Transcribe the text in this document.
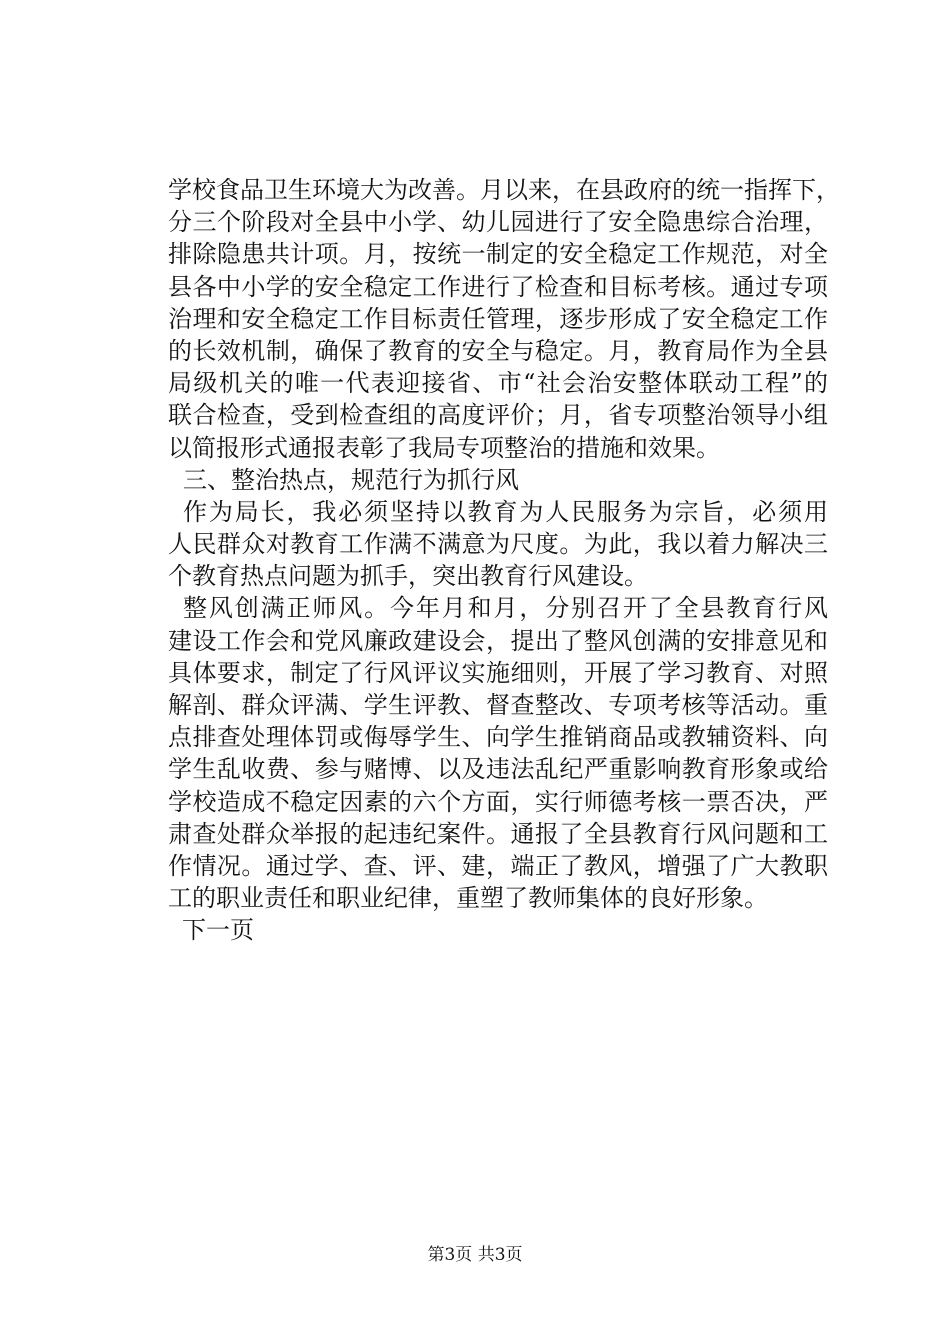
学校食品卫生环境大为改善。月以来，在县政府的统一指挥下，
分三个阶段对全县中小学、幼儿园进行了安全隐患综合治理，
排除隐患共计项。月，按统一制定的安全稳定工作规范，对全
县各中小学的安全稳定工作进行了检查和目标考核。通过专项
治理和安全稳定工作目标责任管理，逐步形成了安全稳定工作
的长效机制，确保了教育的安全与稳定。月，教育局作为全县
局级机关的唯一代表迎接省、市“社会治安整体联动工程”的
联合检查，受到检查组的高度评价；月，省专项整治领导小组
以简报形式通报表彰了我局专项整治的措施和效果。
三、整治热点，规范行为抓行风
作为局长，我必须坚持以教育为人民服务为宗旨，必须用
人民群众对教育工作满不满意为尺度。为此，我以着力解决三
个教育热点问题为抓手，突出教育行风建设。
整风创满正师风。今年月和月，分别召开了全县教育行风
建设工作会和党风廉政建设会，提出了整风创满的安排意见和
具体要求，制定了行风评议实施细则，开展了学习教育、对照
解剖、群众评满、学生评教、督查整改、专项考核等活动。重
点排查处理体罚或侮辱学生、向学生推销商品或教辅资料、向
学生乱收费、参与赌博、以及违法乱纪严重影响教育形象或给
学校造成不稳定因素的六个方面，实行师德考核一票否决，严
肃查处群众举报的起违纪案件。通报了全县教育行风问题和工
作情况。通过学、查、评、建，端正了教风，增强了广大教职
工的职业责任和职业纪律，重塑了教师集体的良好形象。
下一页
第3页 共3页
